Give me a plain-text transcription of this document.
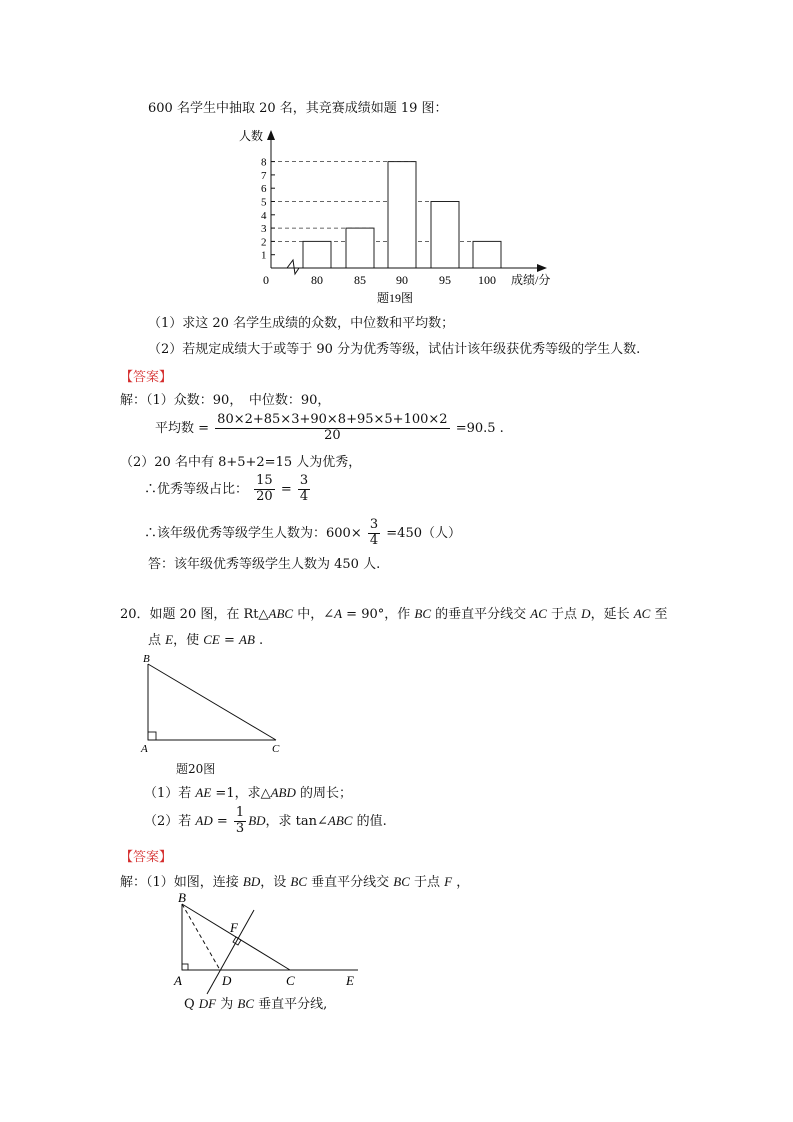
600 名学生中抽取 20 名，其竞赛成绩如题 19 图：
1
2
3
4
5
6
7
8
80	85	90	95 100
0
人数
成绩/分
题19图
（1）求这 20 名学生成绩的众数，中位数和平均数；
（2）若规定成绩大于或等于 90 分为优秀等级，试估计该年级获优秀等级的学生人数.
【答案】
解：（1）众数：90，　中位数：90，
平均数 = $\frac{80\times 2+85\times 3+90\times 8+95\times 5+100\times 2}{20} =90.5$ .
（2）20 名中有 8+5+2=15 人为优秀，
∴优秀等级占比： $\frac{15}{20} = \frac{3}{4}$
∴该年级优秀等级学生人数为：$600\times \frac{3}{4} =450$（人）
答：该年级优秀等级学生人数为 450 人.
20．如题 20 图，在 Rt△ABC 中，∠A = 90°，作 BC 的垂直平分线交 AC 于点 D，延长 AC 至
点 E，使 CE = AB .
B
A	C
题20图
（1）若 AE =1，求△ABD 的周长；
（2）若 AD = $\frac{1}{3}$ BD，求 tan∠ABC 的值.
【答案】
解：（1）如图，连接 BD，设 BC 垂直平分线交 BC 于点 F ，
B
F
A	D	C	E
Q DF 为 BC 垂直平分线,
